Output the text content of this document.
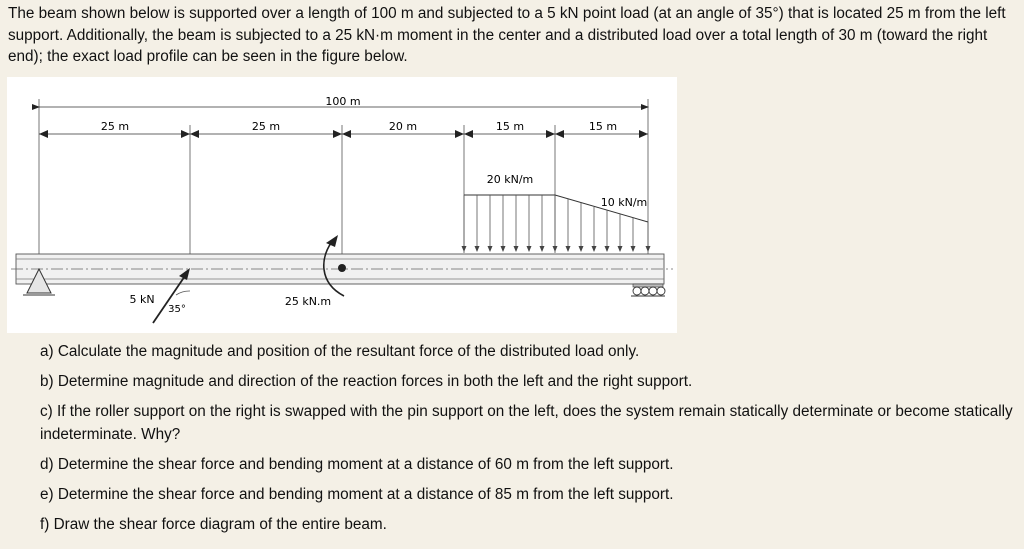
The beam shown below is supported over a length of 100 m and subjected to a 5 kN point load (at an angle of 35°) that is located 25 m from the left support. Additionally, the beam is subjected to a 25 kN·m moment in the center and a distributed load over a total length of 30 m (toward the right end); the exact load profile can be seen in the figure below.

100 m
25 m	25 m	20 m	15 m	15 m
20 kN/m
10 kN/m
5 kN
35°
25 kN.m

a) Calculate the magnitude and position of the resultant force of the distributed load only.

b) Determine magnitude and direction of the reaction forces in both the left and the right support.

c) If the roller support on the right is swapped with the pin support on the left, does the system remain statically determinate or become statically indeterminate. Why?

d) Determine the shear force and bending moment at a distance of 60 m from the left support.

e) Determine the shear force and bending moment at a distance of 85 m from the left support.

f) Draw the shear force diagram of the entire beam.
